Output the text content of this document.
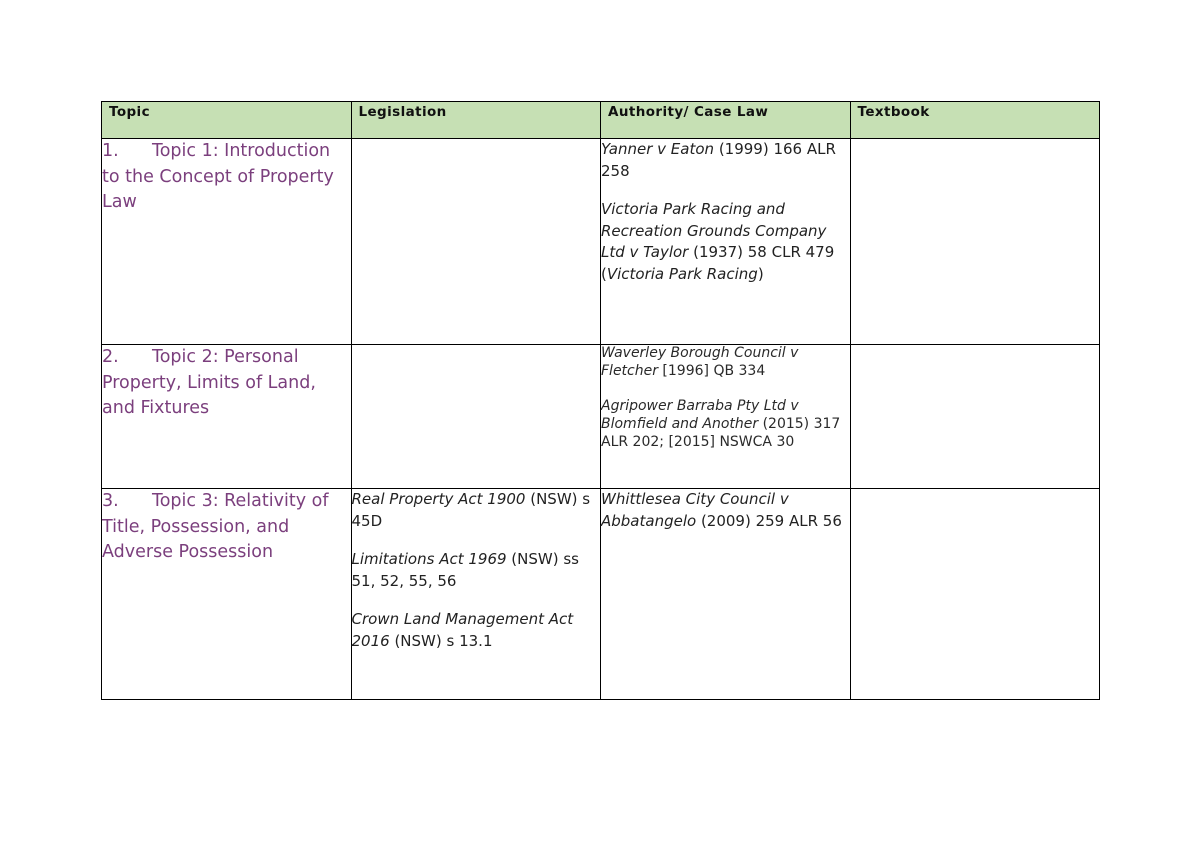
Topic	Legislation	Authority/ Case Law	Textbook
1. Topic 1: Introduction to the Concept of Property Law		Yanner v Eaton (1999) 166 ALR 258
Victoria Park Racing and Recreation Grounds Company Ltd v Taylor (1937) 58 CLR 479 (Victoria Park Racing)	

2. Topic 2: Personal Property, Limits of Land, and Fixtures		Waverley Borough Council v Fletcher [1996] QB 334
Agripower Barraba Pty Ltd v Blomfield and Another (2015) 317 ALR 202; [2015] NSWCA 30	

3. Topic 3: Relativity of Title, Possession, and Adverse Possession	Real Property Act 1900 (NSW) s 45D
Limitations Act 1969 (NSW) ss 51, 52, 55, 56
Crown Land Management Act 2016 (NSW) s 13.1	Whittlesea City Council v Abbatangelo (2009) 259 ALR 56	
